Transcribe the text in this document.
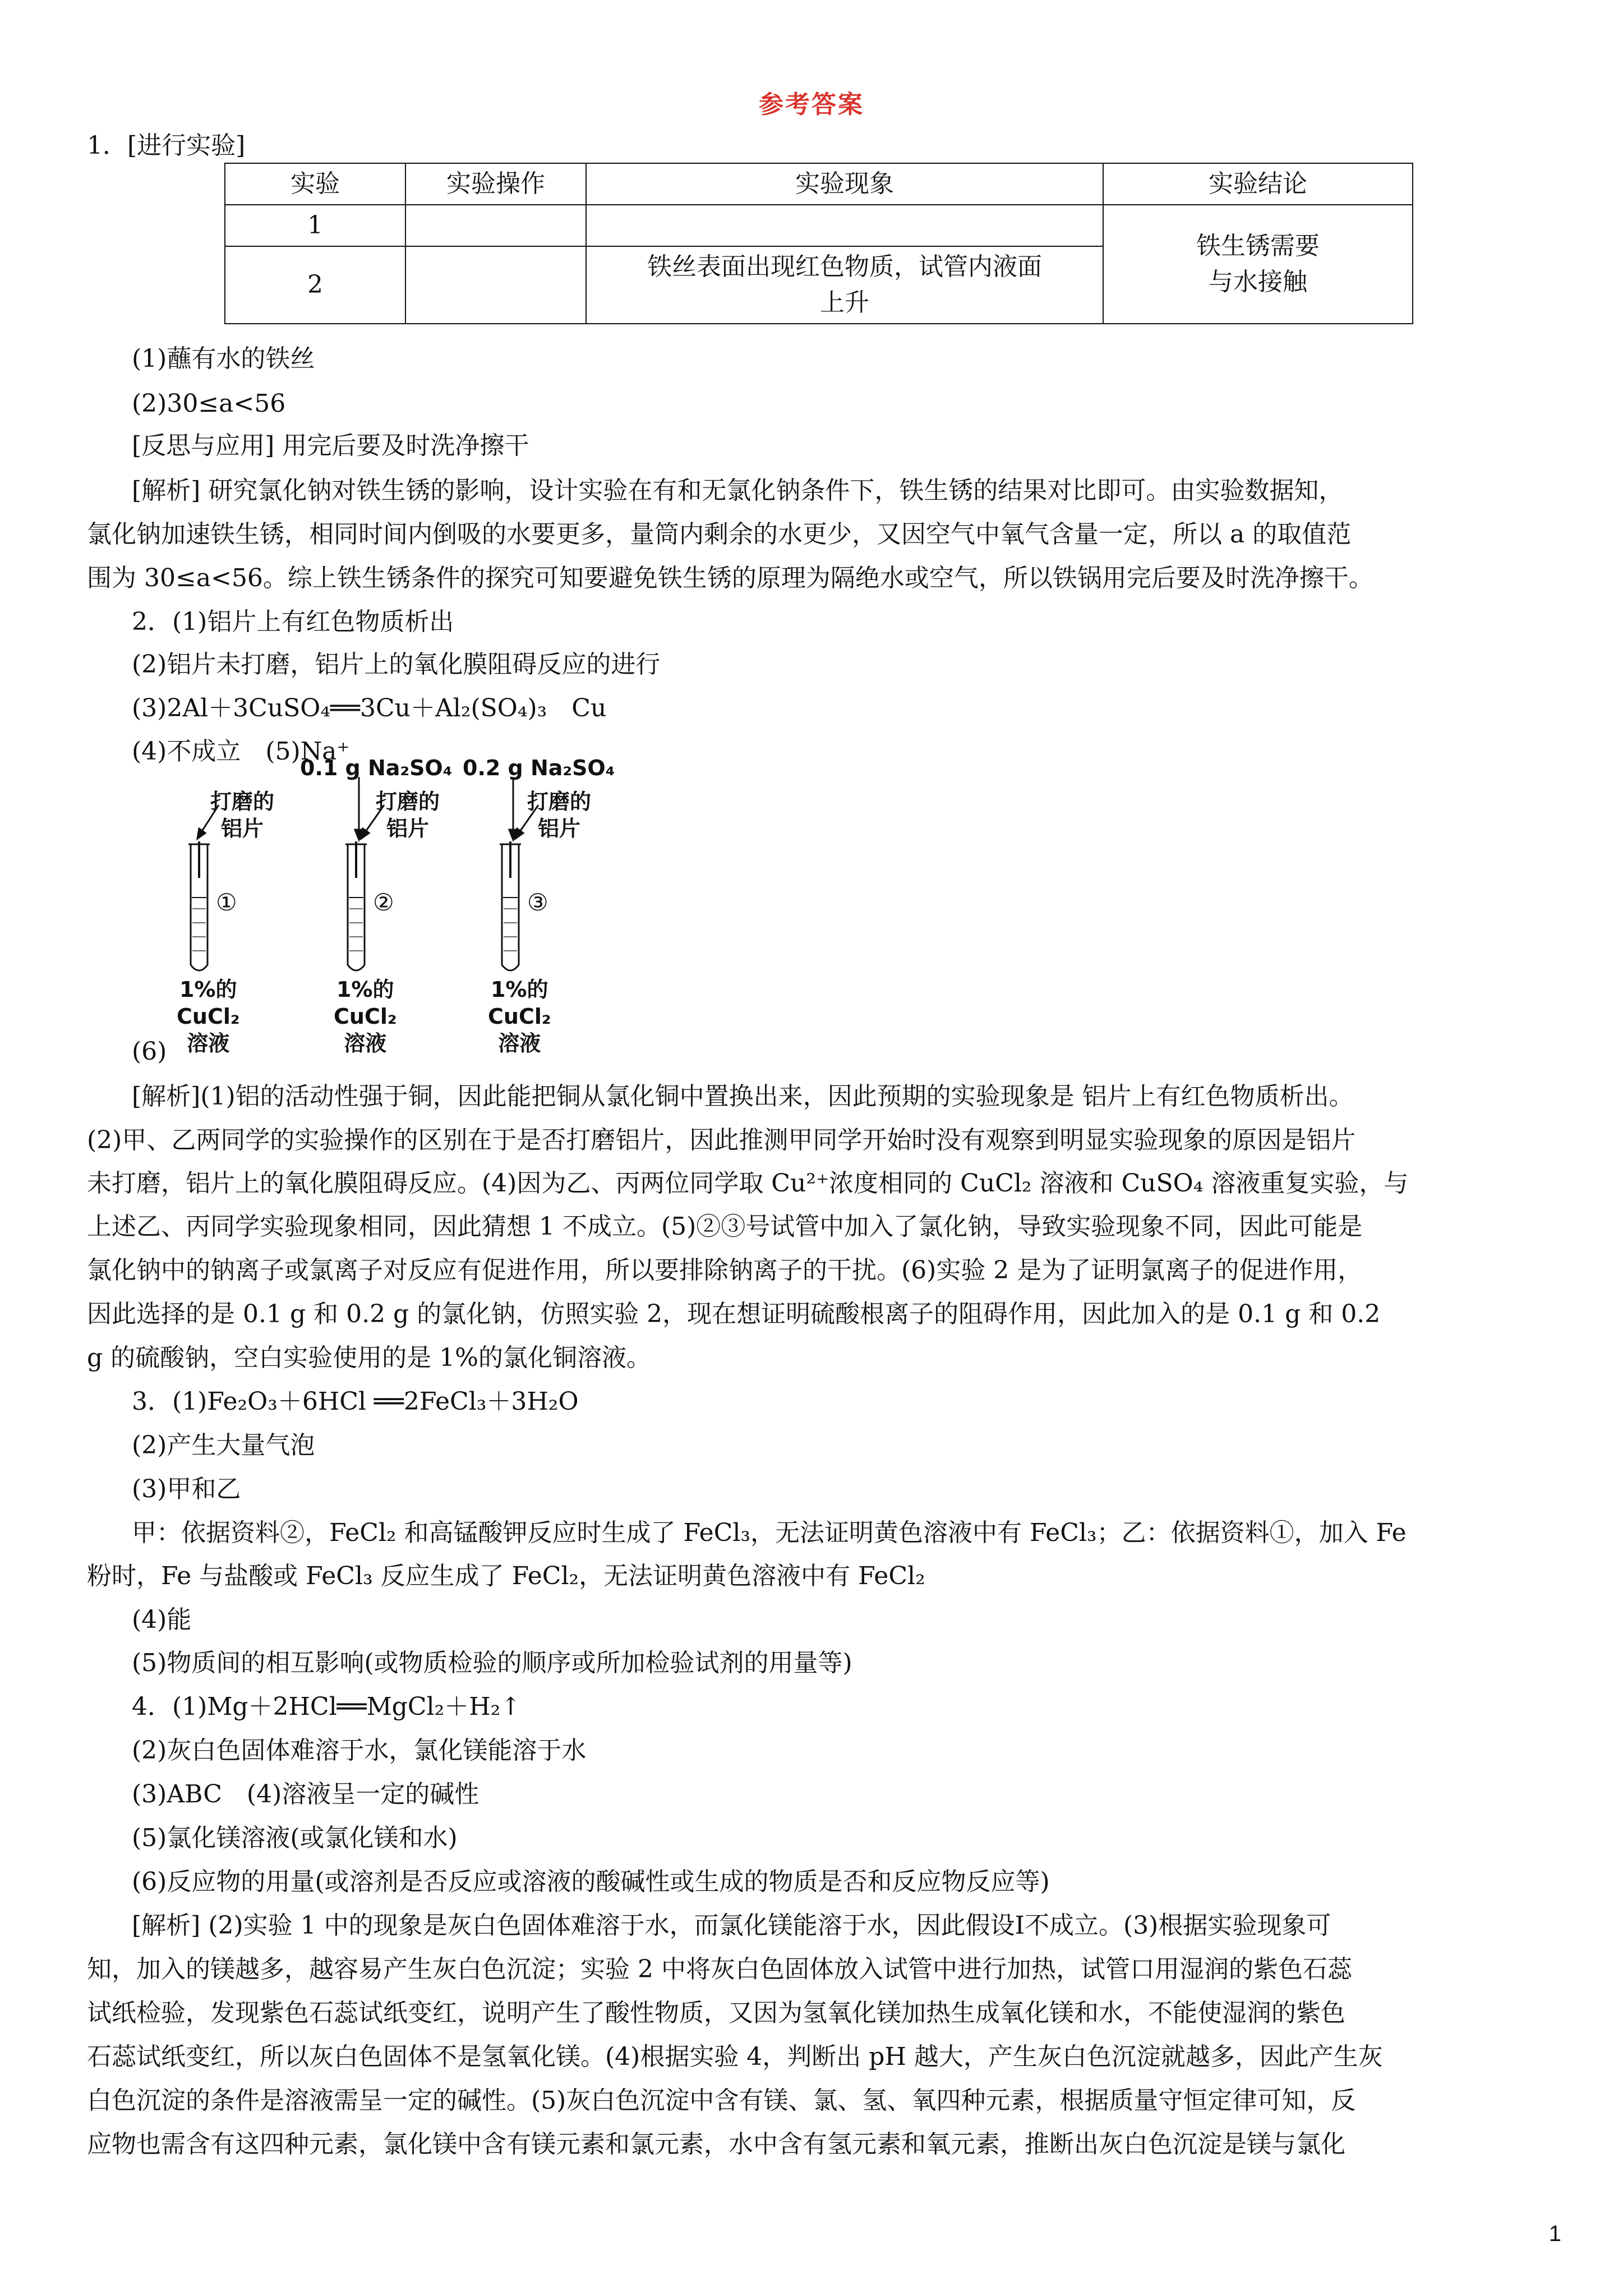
参考答案
1．[进行实验]
实验	实验操作	实验现象	实验结论
1			铁生锈需要
与水接触

2		铁丝表面出现红色物质，试管内液面
上升	
(1)蘸有水的铁丝
(2)30≤a<56
[反思与应用] 用完后要及时洗净擦干
[解析] 研究氯化钠对铁生锈的影响，设计实验在有和无氯化钠条件下，铁生锈的结果对比即可。由实验数据知，
氯化钠加速铁生锈，相同时间内倒吸的水要更多，量筒内剩余的水更少，又因空气中氧气含量一定，所以 a 的取值范
围为 30≤a<56。综上铁生锈条件的探究可知要避免铁生锈的原理为隔绝水或空气，所以铁锅用完后要及时洗净擦干。
2．(1)铝片上有红色物质析出
(2)铝片未打磨，铝片上的氧化膜阻碍反应的进行
(3)2Al＋3CuSO₄══3Cu＋Al₂(SO₄)₃　Cu
(4)不成立　(5)Na⁺
0.1 g Na₂SO₄ 0.2 g Na₂SO₄
打磨的
铝片
打磨的
铝片
打磨的
铝片
①	②	③
1%的
CuCl₂
溶液
1%的
CuCl₂
溶液
1%的
CuCl₂
溶液
(6)
[解析](1)铝的活动性强于铜，因此能把铜从氯化铜中置换出来，因此预期的实验现象是 铝片上有红色物质析出。
(2)甲、乙两同学的实验操作的区别在于是否打磨铝片，因此推测甲同学开始时没有观察到明显实验现象的原因是铝片
未打磨，铝片上的氧化膜阻碍反应。(4)因为乙、丙两位同学取 Cu²⁺浓度相同的 CuCl₂ 溶液和 CuSO₄ 溶液重复实验，与
上述乙、丙同学实验现象相同，因此猜想 1 不成立。(5)②③号试管中加入了氯化钠，导致实验现象不同，因此可能是
氯化钠中的钠离子或氯离子对反应有促进作用，所以要排除钠离子的干扰。(6)实验 2 是为了证明氯离子的促进作用，
因此选择的是 0.1 g 和 0.2 g 的氯化钠，仿照实验 2，现在想证明硫酸根离子的阻碍作用，因此加入的是 0.1 g 和 0.2
g 的硫酸钠，空白实验使用的是 1%的氯化铜溶液。
3．(1)Fe₂O₃＋6HCl ══2FeCl₃＋3H₂O
(2)产生大量气泡
(3)甲和乙
甲：依据资料②，FeCl₂ 和高锰酸钾反应时生成了 FeCl₃，无法证明黄色溶液中有 FeCl₃；乙：依据资料①，加入 Fe
粉时，Fe 与盐酸或 FeCl₃ 反应生成了 FeCl₂，无法证明黄色溶液中有 FeCl₂
(4)能
(5)物质间的相互影响(或物质检验的顺序或所加检验试剂的用量等)
4．(1)Mg＋2HCl══MgCl₂＋H₂↑
(2)灰白色固体难溶于水，氯化镁能溶于水
(3)ABC　(4)溶液呈一定的碱性
(5)氯化镁溶液(或氯化镁和水)
(6)反应物的用量(或溶剂是否反应或溶液的酸碱性或生成的物质是否和反应物反应等)
[解析] (2)实验 1 中的现象是灰白色固体难溶于水，而氯化镁能溶于水，因此假设Ⅰ不成立。(3)根据实验现象可
知，加入的镁越多，越容易产生灰白色沉淀；实验 2 中将灰白色固体放入试管中进行加热，试管口用湿润的紫色石蕊
试纸检验，发现紫色石蕊试纸变红，说明产生了酸性物质，又因为氢氧化镁加热生成氧化镁和水，不能使湿润的紫色
石蕊试纸变红，所以灰白色固体不是氢氧化镁。(4)根据实验 4，判断出 pH 越大，产生灰白色沉淀就越多，因此产生灰
白色沉淀的条件是溶液需呈一定的碱性。(5)灰白色沉淀中含有镁、氯、氢、氧四种元素，根据质量守恒定律可知，反
应物也需含有这四种元素，氯化镁中含有镁元素和氯元素，水中含有氢元素和氧元素，推断出灰白色沉淀是镁与氯化
1
